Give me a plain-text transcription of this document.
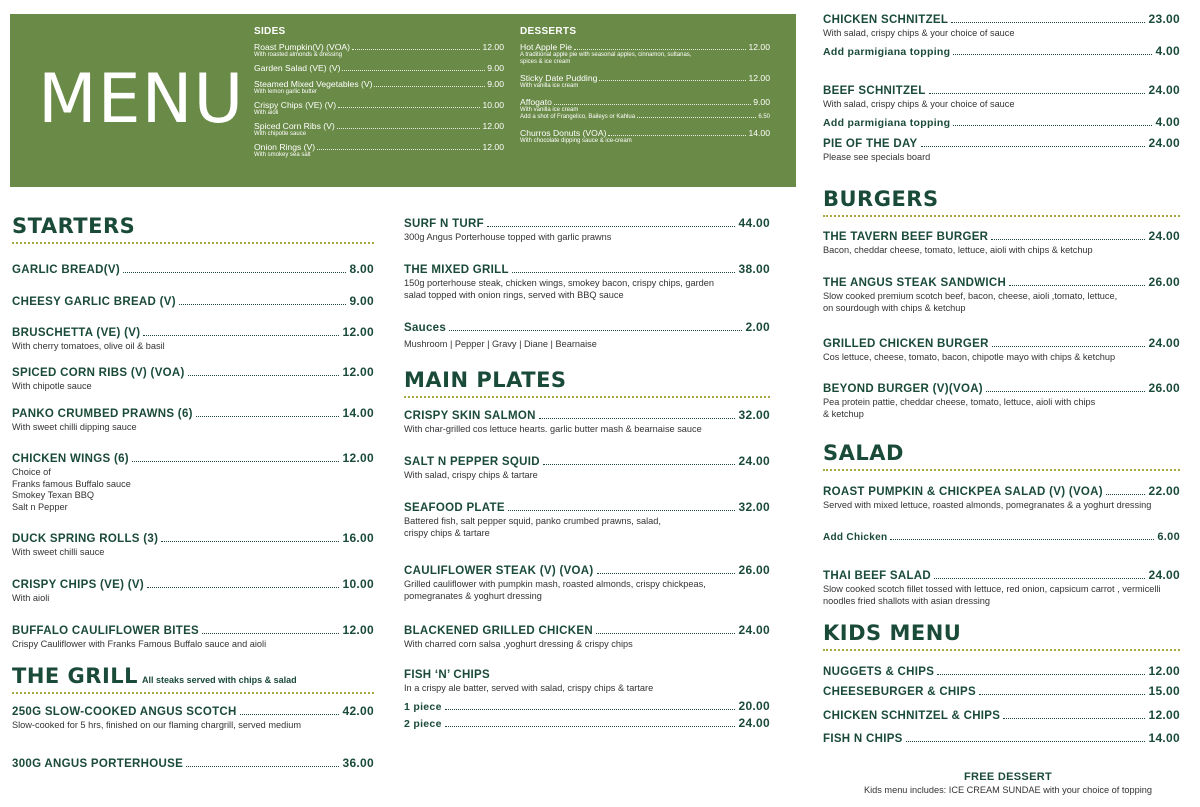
MENU
SIDES
Roast Pumpkin(V) (VOA)	12.00
With roasted almonds & dressing
Garden Salad (VE) (V)	9.00
Steamed Mixed Vegetables (V)	9.00
With lemon garlic butter
Crispy Chips (VE) (V)	10.00
With aioli
Spiced Corn Ribs (V)	12.00
With chipotle sauce
Onion Rings (V)	12.00
With smokey sea salt
DESSERTS
Hot Apple Pie	12.00
A traditional apple pie with seasonal apples, cinnamon, sultanas,
spices & ice cream
Sticky Date Pudding	12.00
With vanilla ice cream
Affogato	9.00
With vanilla ice cream
Add a shot of Frangelico, Baileys or Kahlua	6.50
Churros Donuts (VOA)	14.00
With chocolate dipping sauce & ice-cream
STARTERS
GARLIC BREAD(V)	8.00
CHEESY GARLIC BREAD (V)	9.00
BRUSCHETTA (VE) (V)	12.00
With cherry tomatoes, olive oil & basil
SPICED CORN RIBS (V) (VOA)	12.00
With chipotle sauce
PANKO CRUMBED PRAWNS (6)	14.00
With sweet chilli dipping sauce
CHICKEN WINGS (6)	12.00
Choice of
Franks famous Buffalo sauce
Smokey Texan BBQ
Salt n Pepper
DUCK SPRING ROLLS (3)	16.00
With sweet chilli sauce
CRISPY CHIPS (VE) (V)	10.00
With aioli
BUFFALO CAULIFLOWER BITES	12.00
Crispy Cauliflower with Franks Famous Buffalo sauce and aioli
THE GRILL All steaks served with chips & salad
250G SLOW-COOKED ANGUS SCOTCH	42.00
Slow-cooked for 5 hrs, finished on our flaming chargrill, served medium
300G ANGUS PORTERHOUSE	36.00
SURF N TURF	44.00
300g Angus Porterhouse topped with garlic prawns
THE MIXED GRILL	38.00
150g porterhouse steak, chicken wings, smokey bacon, crispy chips, garden
salad topped with onion rings, served with BBQ sauce
Sauces	2.00
Mushroom | Pepper | Gravy | Diane | Bearnaise
MAIN PLATES
CRISPY SKIN SALMON	32.00
With char-grilled cos lettuce hearts. garlic butter mash & bearnaise sauce
SALT N PEPPER SQUID	24.00
With salad, crispy chips & tartare
SEAFOOD PLATE	32.00
Battered fish, salt pepper squid, panko crumbed prawns, salad,
crispy chips & tartare
CAULIFLOWER STEAK (V) (VOA)	26.00
Grilled cauliflower with pumpkin mash, roasted almonds, crispy chickpeas,
pomegranates & yoghurt dressing
BLACKENED GRILLED CHICKEN	24.00
With charred corn salsa ,yoghurt dressing & crispy chips
FISH ‘N’ CHIPS
In a crispy ale batter, served with salad, crispy chips & tartare
1 piece	20.00
2 piece	24.00
CHICKEN SCHNITZEL	23.00
With salad, crispy chips & your choice of sauce
Add parmigiana topping	4.00
BEEF SCHNITZEL	24.00
With salad, crispy chips & your choice of sauce
Add parmigiana topping	4.00
PIE OF THE DAY	24.00
Please see specials board
BURGERS
THE TAVERN BEEF BURGER	24.00
Bacon, cheddar cheese, tomato, lettuce, aioli with chips & ketchup
THE ANGUS STEAK SANDWICH	26.00
Slow cooked premium scotch beef, bacon, cheese, aioli ,tomato, lettuce,
on sourdough with chips & ketchup
GRILLED CHICKEN BURGER	24.00
Cos lettuce, cheese, tomato, bacon, chipotle mayo with chips & ketchup
BEYOND BURGER (V)(VOA)	26.00
Pea protein pattie, cheddar cheese, tomato, lettuce, aioli with chips
& ketchup
SALAD
ROAST PUMPKIN & CHICKPEA SALAD (V) (VOA)	22.00
Served with mixed lettuce, roasted almonds, pomegranates & a yoghurt dressing
THAI BEEF SALAD	24.00
Slow cooked scotch fillet tossed with lettuce, red onion, capsicum carrot , vermicelli
noodles fried shallots with asian dressing
Add Chicken	6.00
KIDS MENU
NUGGETS & CHIPS	12.00
CHEESEBURGER & CHIPS	15.00
CHICKEN SCHNITZEL & CHIPS	12.00
FISH N CHIPS	14.00
FREE DESSERT
Kids menu includes: ICE CREAM SUNDAE with your choice of topping
